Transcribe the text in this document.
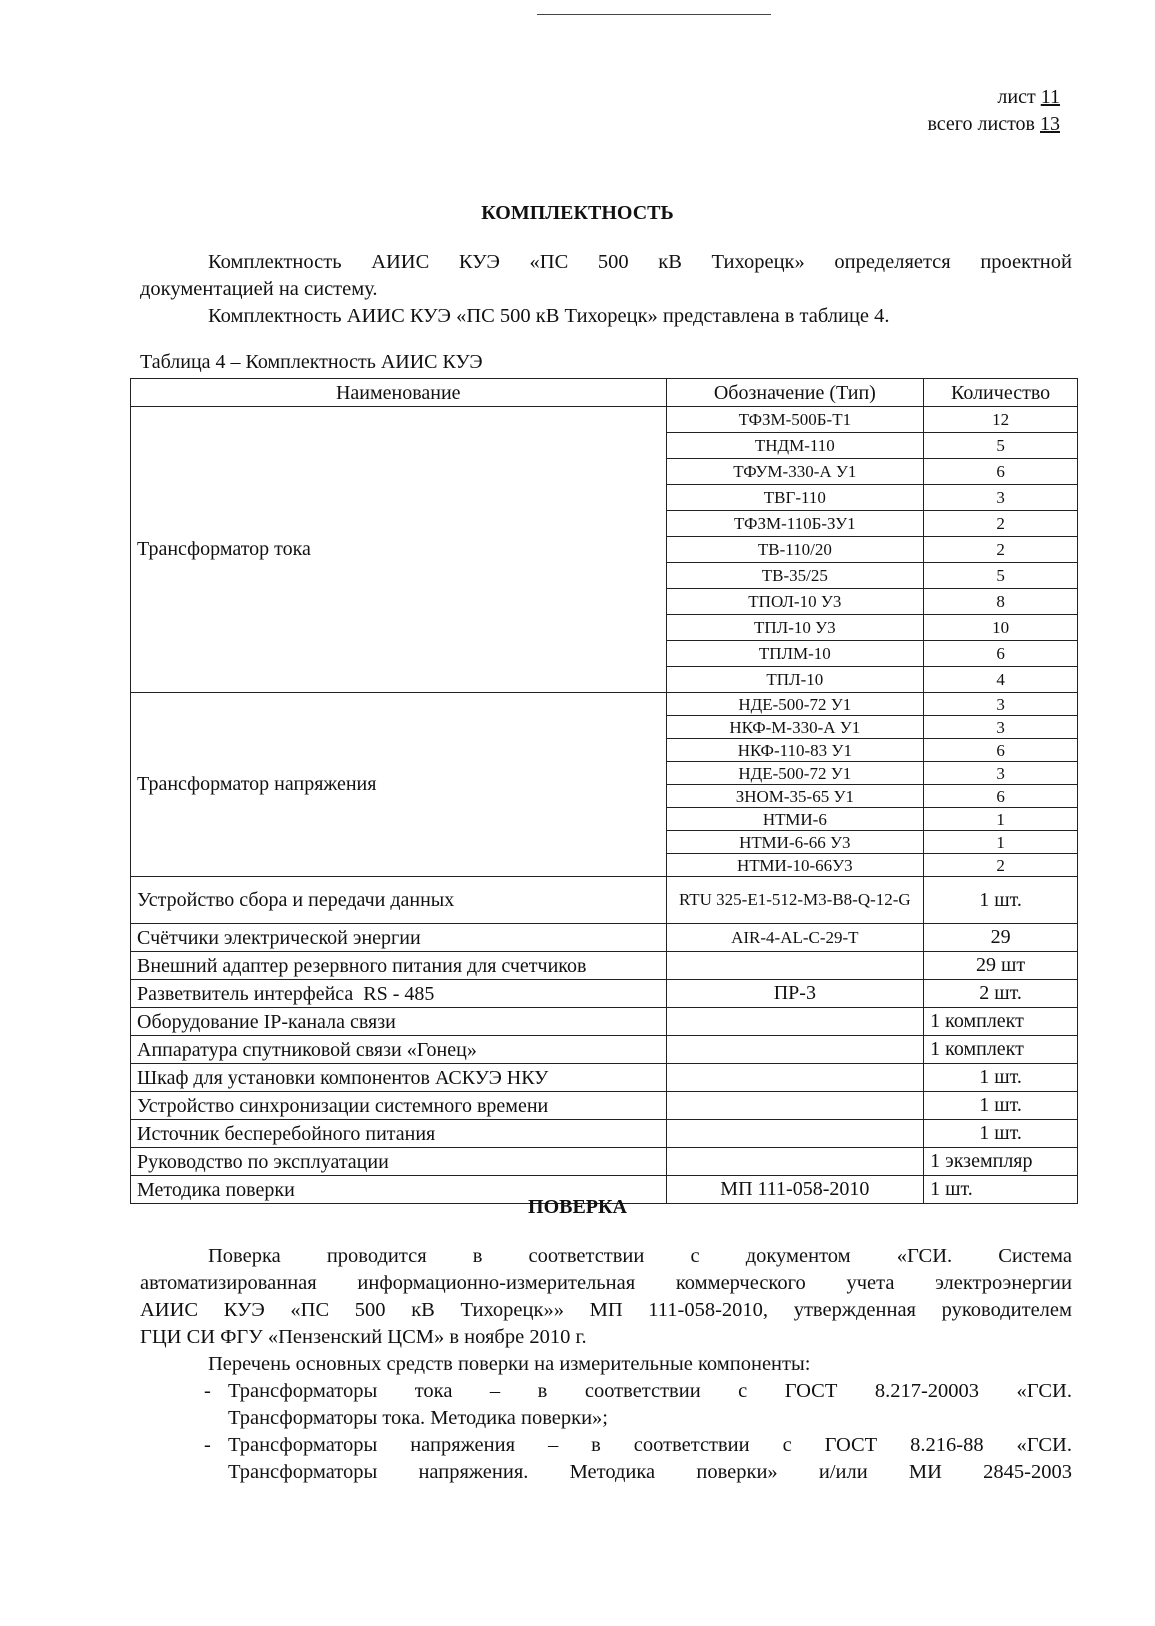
лист 11
всего листов 13
КОМПЛЕКТНОСТЬ
Комплектность АИИС КУЭ «ПС 500 кВ Тихорецк» определяется проектной
документацией на систему.
Комплектность АИИС КУЭ «ПС 500 кВ Тихорецк» представлена в таблице 4.
Таблица 4 – Комплектность АИИС КУЭ
Наименование	Обозначение (Тип)	Количество
Трансформатор тока	ТФЗМ-500Б-Т1	12
	ТНДМ-110	5
	ТФУМ-330-А У1	6
	ТВГ-110	3
	ТФЗМ-110Б-ЗУ1	2
	ТВ-110/20	2
	ТВ-35/25	5
	ТПОЛ-10 У3	8
	ТПЛ-10 У3	10
	ТПЛМ-10	6
	ТПЛ-10	4
Трансформатор напряжения	НДЕ-500-72 У1	3
	НКФ-М-330-А У1	3
	НКФ-110-83 У1	6
	НДЕ-500-72 У1	3
	ЗНОМ-35-65 У1	6
	НТМИ-6	1
	НТМИ-6-66 У3	1
	НТМИ-10-66У3	2
Устройство сбора и передачи данных	RTU 325-E1-512-M3-B8-Q-12-G	1 шт.
Счётчики электрической энергии	AIR-4-AL-C-29-T	29
Внешний адаптер резервного питания для счетчиков		29 шт
Разветвитель интерфейса  RS - 485	ПР-3	2 шт.
Оборудование IP-канала связи		1 комплект
Аппаратура спутниковой связи «Гонец»		1 комплект
Шкаф для установки компонентов АСКУЭ НКУ		1 шт.
Устройство синхронизации системного времени		1 шт.
Источник бесперебойного питания		1 шт.
Руководство по эксплуатации		1 экземпляр
Методика поверки	МП 111-058-2010	1 шт.
ПОВЕРКА
Поверка проводится в соответствии с документом «ГСИ. Система
автоматизированная информационно-измерительная коммерческого учета электроэнергии
АИИС КУЭ «ПС 500 кВ Тихорецк»» МП 111-058-2010, утвержденная руководителем
ГЦИ СИ ФГУ «Пензенский ЦСМ» в ноябре 2010 г.
Перечень основных средств поверки на измерительные компоненты:
- Трансформаторы тока – в соответствии с ГОСТ 8.217-20003 «ГСИ.
Трансформаторы тока. Методика поверки»;
- Трансформаторы напряжения – в соответствии с ГОСТ 8.216-88 «ГСИ.
Трансформаторы напряжения. Методика поверки» и/или МИ 2845-2003
